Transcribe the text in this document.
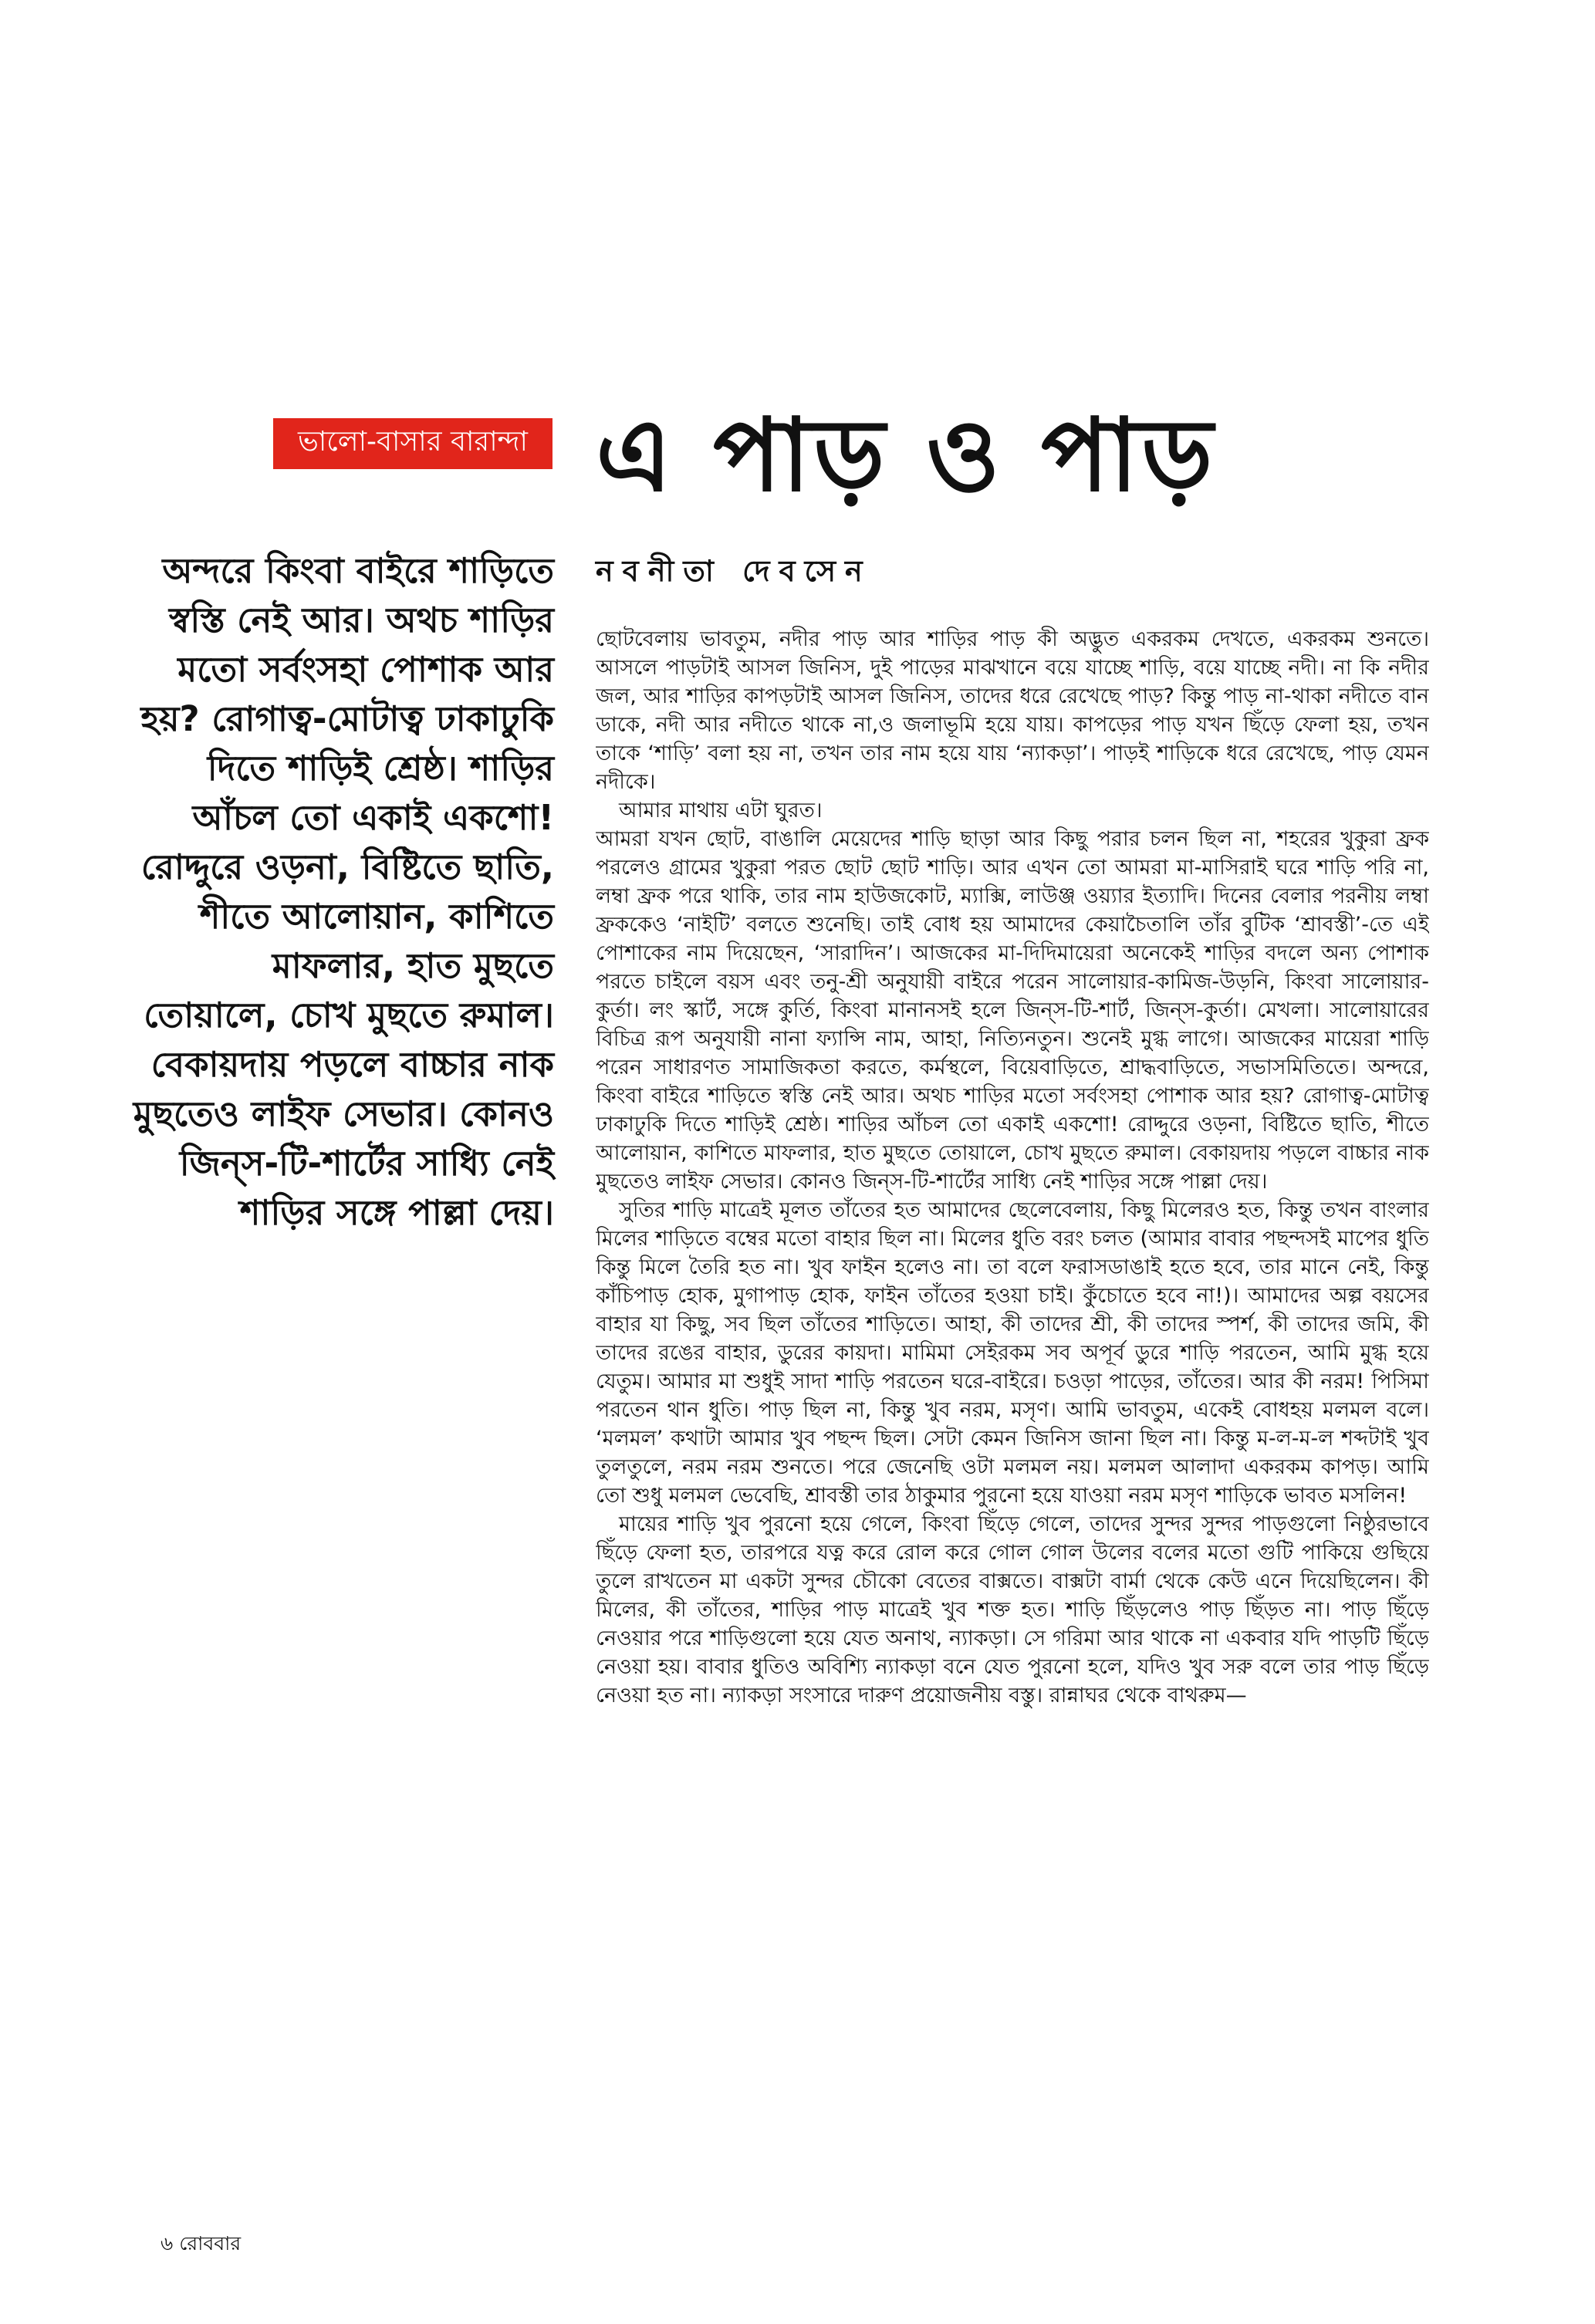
ভালো-বাসার বারান্দা এ পাড় ও পাড়
নবনীতা দেবসেন

অন্দরে কিংবা বাইরে শাড়িতে স্বস্তি নেই আর। অথচ শাড়ির মতো সর্বংসহা পোশাক আর হয়? রোগাত্ব-মোটাত্ব ঢাকাঢুকি দিতে শাড়িই শ্রেষ্ঠ। শাড়ির আঁচল তো একাই একশো! রোদ্দুরে ওড়না, বিষ্টিতে ছাতি, শীতে আলোয়ান, কাশিতে মাফলার, হাত মুছতে তোয়ালে, চোখ মুছতে রুমাল। বেকায়দায় পড়লে বাচ্চার নাক মুছতেও লাইফ সেভার। কোনও জিন্‌স-টি-শার্টের সাধ্যি নেই শাড়ির সঙ্গে পাল্লা দেয়।

ছোটবেলায় ভাবতুম, নদীর পাড় আর শাড়ির পাড় কী অদ্ভুত একরকম দেখতে, একরকম শুনতে। আসলে পাড়টাই আসল জিনিস, দুই পাড়ের মাঝখানে বয়ে যাচ্ছে শাড়ি, বয়ে যাচ্ছে নদী। না কি নদীর জল, আর শাড়ির কাপড়টাই আসল জিনিস, তাদের ধরে রেখেছে পাড়? কিন্তু পাড় না-থাকা নদীতে বান ডাকে, নদী আর নদীতে থাকে না,ও জলাভূমি হয়ে যায়। কাপড়ের পাড় যখন ছিঁড়ে ফেলা হয়, তখন তাকে ‘শাড়ি’ বলা হয় না, তখন তার নাম হয়ে যায় ‘ন্যাকড়া’। পাড়ই শাড়িকে ধরে রেখেছে, পাড় যেমন নদীকে।

আমার মাথায় এটা ঘুরত।

আমরা যখন ছোট, বাঙালি মেয়েদের শাড়ি ছাড়া আর কিছু পরার চলন ছিল না, শহরের খুকুরা ফ্রক পরলেও গ্রামের খুকুরা পরত ছোট ছোট শাড়ি। আর এখন তো আমরা মা-মাসিরাই ঘরে শাড়ি পরি না, লম্বা ফ্রক পরে থাকি, তার নাম হাউজকোট, ম্যাক্সি, লাউঞ্জ ওয়্যার ইত্যাদি। দিনের বেলার পরনীয় লম্বা ফ্রককেও ‘নাইটি’ বলতে শুনেছি। তাই বোধ হয় আমাদের কেয়াচৈতালি তাঁর বুটিক ‘শ্রাবস্তী’-তে এই পোশাকের নাম দিয়েছেন, ‘সারাদিন’। আজকের মা-দিদিমায়েরা অনেকেই শাড়ির বদলে অন্য পোশাক পরতে চাইলে বয়স এবং তনু-শ্রী অনুযায়ী বাইরে পরেন সালোয়ার-কামিজ-উড়নি, কিংবা সালোয়ার-কুর্তা। লং স্কার্ট, সঙ্গে কুর্তি, কিংবা মানানসই হলে জিন্‌স-টি-শার্ট, জিন্‌স-কুর্তা। মেখলা। সালোয়ারের বিচিত্র রূপ অনুযায়ী নানা ফ্যান্সি নাম, আহা, নিত্যিনতুন। শুনেই মুগ্ধ লাগে। আজকের মায়েরা শাড়ি পরেন সাধারণত সামাজিকতা করতে, কর্মস্থলে, বিয়েবাড়িতে, শ্রাদ্ধবাড়িতে, সভাসমিতিতে। অন্দরে, কিংবা বাইরে শাড়িতে স্বস্তি নেই আর। অথচ শাড়ির মতো সর্বংসহা পোশাক আর হয়? রোগাত্ব-মোটাত্ব ঢাকাঢুকি দিতে শাড়িই শ্রেষ্ঠ। শাড়ির আঁচল তো একাই একশো! রোদ্দুরে ওড়না, বিষ্টিতে ছাতি, শীতে আলোয়ান, কাশিতে মাফলার, হাত মুছতে তোয়ালে, চোখ মুছতে রুমাল। বেকায়দায় পড়লে বাচ্চার নাক মুছতেও লাইফ সেভার। কোনও জিন্‌স-টি-শার্টের সাধ্যি নেই শাড়ির সঙ্গে পাল্লা দেয়।

সুতির শাড়ি মাত্রেই মূলত তাঁতের হত আমাদের ছেলেবেলায়, কিছু মিলেরও হত, কিন্তু তখন বাংলার মিলের শাড়িতে বম্বের মতো বাহার ছিল না। মিলের ধুতি বরং চলত (আমার বাবার পছন্দসই মাপের ধুতি কিন্তু মিলে তৈরি হত না। খুব ফাইন হলেও না। তা বলে ফরাসডাঙাই হতে হবে, তার মানে নেই, কিন্তু কাঁচিপাড় হোক, মুগাপাড় হোক, ফাইন তাঁতের হওয়া চাই। কুঁচোতে হবে না!)। আমাদের অল্প বয়সের বাহার যা কিছু, সব ছিল তাঁতের শাড়িতে। আহা, কী তাদের শ্রী, কী তাদের স্পর্শ, কী তাদের জমি, কী তাদের রঙের বাহার, ডুরের কায়দা। মামিমা সেইরকম সব অপূর্ব ডুরে শাড়ি পরতেন, আমি মুগ্ধ হয়ে যেতুম। আমার মা শুধুই সাদা শাড়ি পরতেন ঘরে-বাইরে। চওড়া পাড়ের, তাঁতের। আর কী নরম! পিসিমা পরতেন থান ধুতি। পাড় ছিল না, কিন্তু খুব নরম, মসৃণ। আমি ভাবতুম, একেই বোধহয় মলমল বলে। ‘মলমল’ কথাটা আমার খুব পছন্দ ছিল। সেটা কেমন জিনিস জানা ছিল না। কিন্তু ম-ল-ম-ল শব্দটাই খুব তুলতুলে, নরম নরম শুনতে। পরে জেনেছি ওটা মলমল নয়। মলমল আলাদা একরকম কাপড়। আমি তো শুধু মলমল ভেবেছি, শ্রাবস্তী তার ঠাকুমার পুরনো হয়ে যাওয়া নরম মসৃণ শাড়িকে ভাবত মসলিন!

মায়ের শাড়ি খুব পুরনো হয়ে গেলে, কিংবা ছিঁড়ে গেলে, তাদের সুন্দর সুন্দর পাড়গুলো নিষ্ঠুরভাবে ছিঁড়ে ফেলা হত, তারপরে যত্ন করে রোল করে গোল গোল উলের বলের মতো গুটি পাকিয়ে গুছিয়ে তুলে রাখতেন মা একটা সুন্দর চৌকো বেতের বাক্সতে। বাক্সটা বার্মা থেকে কেউ এনে দিয়েছিলেন। কী মিলের, কী তাঁতের, শাড়ির পাড় মাত্রেই খুব শক্ত হত। শাড়ি ছিঁড়লেও পাড় ছিঁড়ত না। পাড় ছিঁড়ে নেওয়ার পরে শাড়িগুলো হয়ে যেত অনাথ, ন্যাকড়া। সে গরিমা আর থাকে না একবার যদি পাড়টি ছিঁড়ে নেওয়া হয়। বাবার ধুতিও অবিশ্যি ন্যাকড়া বনে যেত পুরনো হলে, যদিও খুব সরু বলে তার পাড় ছিঁড়ে নেওয়া হত না। ন্যাকড়া সংসারে দারুণ প্রয়োজনীয় বস্তু। রান্নাঘর থেকে বাথরুম—

৬ রোববার
